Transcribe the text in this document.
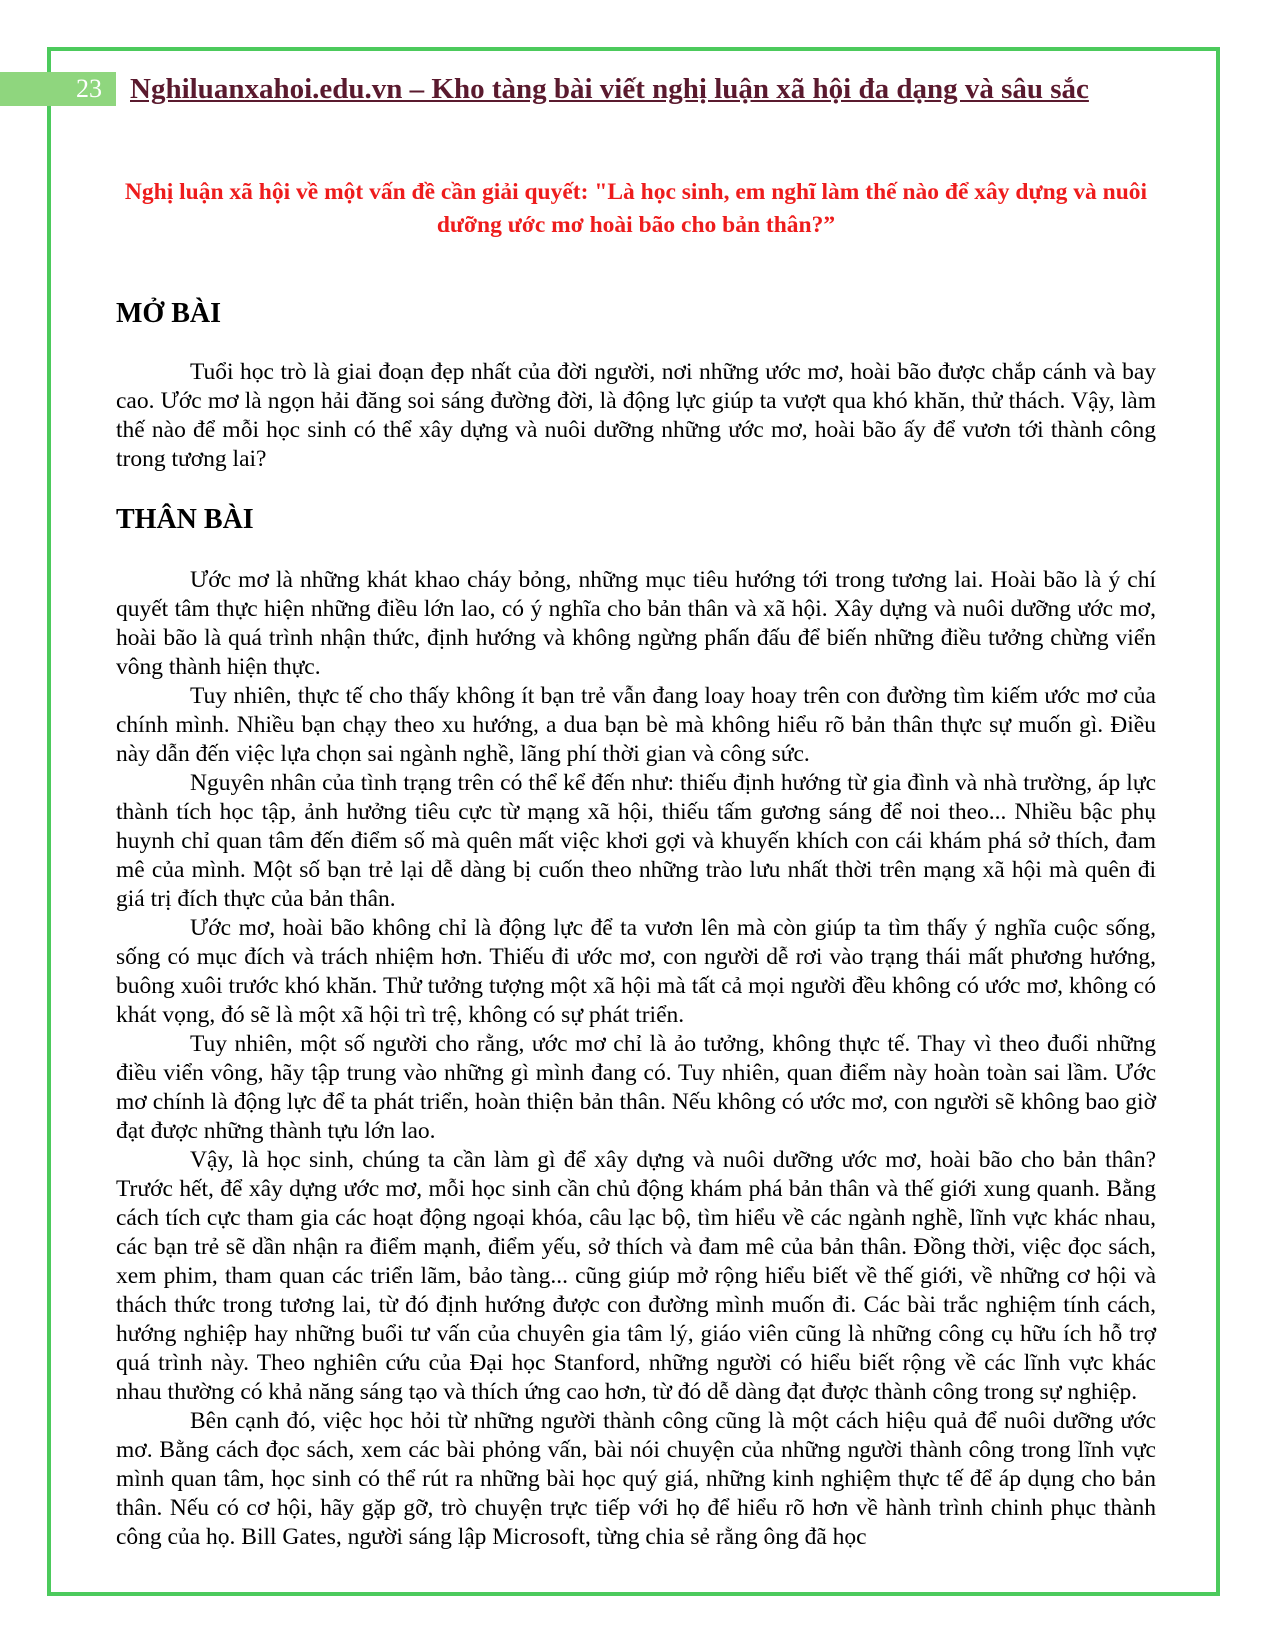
23 Nghiluanxahoi.edu.vn – Kho tàng bài viết nghị luận xã hội đa dạng và sâu sắc

Nghị luận xã hội về một vấn đề cần giải quyết: "Là học sinh, em nghĩ làm thế nào để xây dựng và nuôi dưỡng ước mơ hoài bão cho bản thân?”

MỞ BÀI

Tuổi học trò là giai đoạn đẹp nhất của đời người, nơi những ước mơ, hoài bão được chắp cánh và bay cao. Ước mơ là ngọn hải đăng soi sáng đường đời, là động lực giúp ta vượt qua khó khăn, thử thách. Vậy, làm thế nào để mỗi học sinh có thể xây dựng và nuôi dưỡng những ước mơ, hoài bão ấy để vươn tới thành công trong tương lai?

THÂN BÀI

Ước mơ là những khát khao cháy bỏng, những mục tiêu hướng tới trong tương lai. Hoài bão là ý chí quyết tâm thực hiện những điều lớn lao, có ý nghĩa cho bản thân và xã hội. Xây dựng và nuôi dưỡng ước mơ, hoài bão là quá trình nhận thức, định hướng và không ngừng phấn đấu để biến những điều tưởng chừng viển vông thành hiện thực.

Tuy nhiên, thực tế cho thấy không ít bạn trẻ vẫn đang loay hoay trên con đường tìm kiếm ước mơ của chính mình. Nhiều bạn chạy theo xu hướng, a dua bạn bè mà không hiểu rõ bản thân thực sự muốn gì. Điều này dẫn đến việc lựa chọn sai ngành nghề, lãng phí thời gian và công sức.

Nguyên nhân của tình trạng trên có thể kể đến như: thiếu định hướng từ gia đình và nhà trường, áp lực thành tích học tập, ảnh hưởng tiêu cực từ mạng xã hội, thiếu tấm gương sáng để noi theo... Nhiều bậc phụ huynh chỉ quan tâm đến điểm số mà quên mất việc khơi gợi và khuyến khích con cái khám phá sở thích, đam mê của mình. Một số bạn trẻ lại dễ dàng bị cuốn theo những trào lưu nhất thời trên mạng xã hội mà quên đi giá trị đích thực của bản thân.

Ước mơ, hoài bão không chỉ là động lực để ta vươn lên mà còn giúp ta tìm thấy ý nghĩa cuộc sống, sống có mục đích và trách nhiệm hơn. Thiếu đi ước mơ, con người dễ rơi vào trạng thái mất phương hướng, buông xuôi trước khó khăn. Thử tưởng tượng một xã hội mà tất cả mọi người đều không có ước mơ, không có khát vọng, đó sẽ là một xã hội trì trệ, không có sự phát triển.

Tuy nhiên, một số người cho rằng, ước mơ chỉ là ảo tưởng, không thực tế. Thay vì theo đuổi những điều viển vông, hãy tập trung vào những gì mình đang có. Tuy nhiên, quan điểm này hoàn toàn sai lầm. Ước mơ chính là động lực để ta phát triển, hoàn thiện bản thân. Nếu không có ước mơ, con người sẽ không bao giờ đạt được những thành tựu lớn lao.

Vậy, là học sinh, chúng ta cần làm gì để xây dựng và nuôi dưỡng ước mơ, hoài bão cho bản thân? Trước hết, để xây dựng ước mơ, mỗi học sinh cần chủ động khám phá bản thân và thế giới xung quanh. Bằng cách tích cực tham gia các hoạt động ngoại khóa, câu lạc bộ, tìm hiểu về các ngành nghề, lĩnh vực khác nhau, các bạn trẻ sẽ dần nhận ra điểm mạnh, điểm yếu, sở thích và đam mê của bản thân. Đồng thời, việc đọc sách, xem phim, tham quan các triển lãm, bảo tàng... cũng giúp mở rộng hiểu biết về thế giới, về những cơ hội và thách thức trong tương lai, từ đó định hướng được con đường mình muốn đi. Các bài trắc nghiệm tính cách, hướng nghiệp hay những buổi tư vấn của chuyên gia tâm lý, giáo viên cũng là những công cụ hữu ích hỗ trợ quá trình này. Theo nghiên cứu của Đại học Stanford, những người có hiểu biết rộng về các lĩnh vực khác nhau thường có khả năng sáng tạo và thích ứng cao hơn, từ đó dễ dàng đạt được thành công trong sự nghiệp.

Bên cạnh đó, việc học hỏi từ những người thành công cũng là một cách hiệu quả để nuôi dưỡng ước mơ. Bằng cách đọc sách, xem các bài phỏng vấn, bài nói chuyện của những người thành công trong lĩnh vực mình quan tâm, học sinh có thể rút ra những bài học quý giá, những kinh nghiệm thực tế để áp dụng cho bản thân. Nếu có cơ hội, hãy gặp gỡ, trò chuyện trực tiếp với họ để hiểu rõ hơn về hành trình chinh phục thành công của họ. Bill Gates, người sáng lập Microsoft, từng chia sẻ rằng ông đã học
